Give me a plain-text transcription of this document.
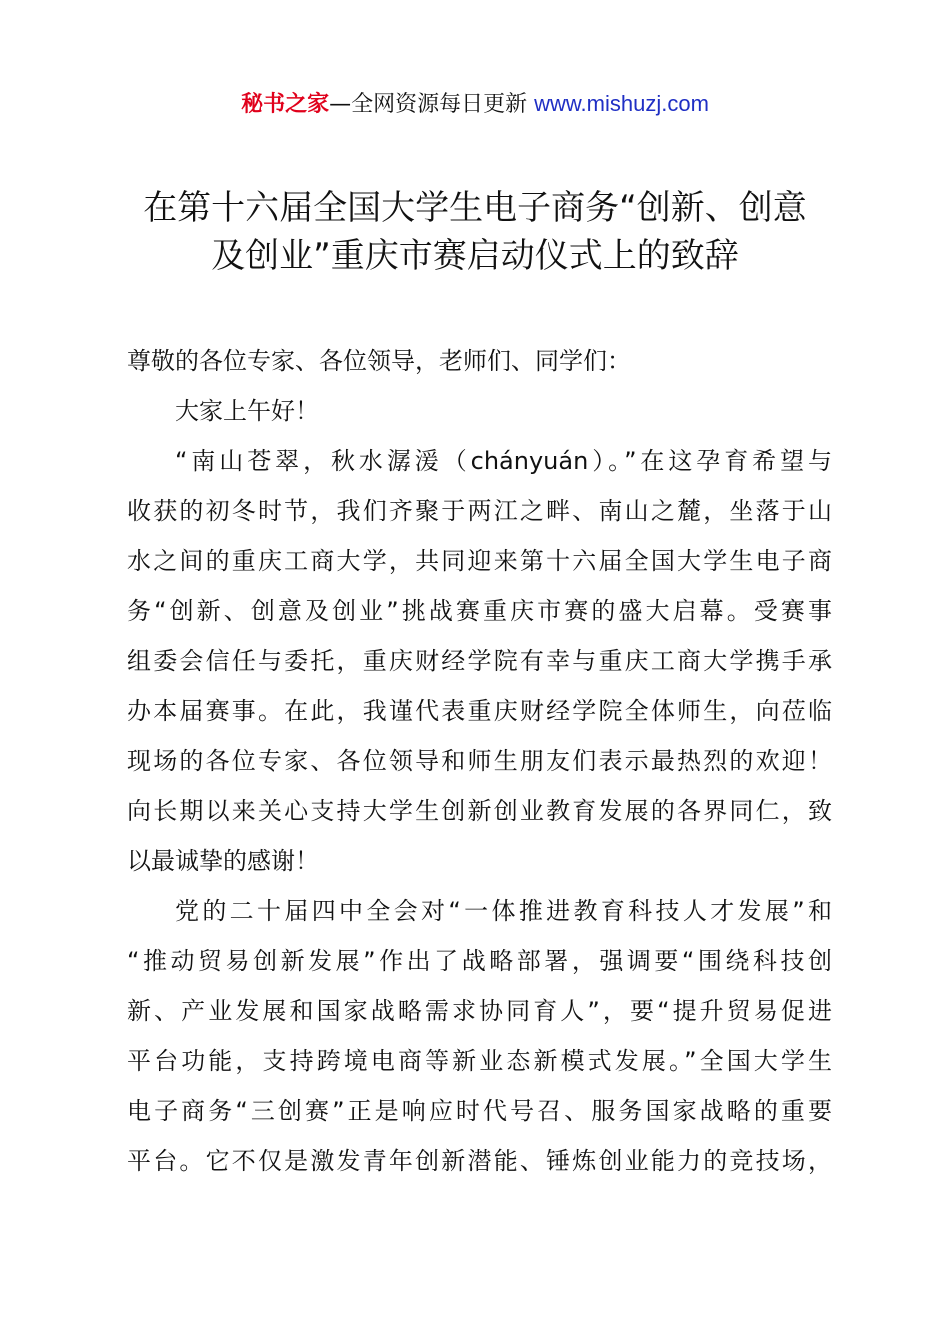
秘书之家—全网资源每日更新 www.mishuzj.com
在第十六届全国大学生电子商务“创新、创意
及创业”重庆市赛启动仪式上的致辞

尊敬的各位专家、各位领导，老师们、同学们：

大家上午好！

“南山苍翠，秋水潺湲（chányuán）。”在这孕育希望与
收获的初冬时节，我们齐聚于两江之畔、南山之麓，坐落于山
水之间的重庆工商大学，共同迎来第十六届全国大学生电子商
务“创新、创意及创业”挑战赛重庆市赛的盛大启幕。受赛事
组委会信任与委托，重庆财经学院有幸与重庆工商大学携手承
办本届赛事。在此，我谨代表重庆财经学院全体师生，向莅临
现场的各位专家、各位领导和师生朋友们表示最热烈的欢迎！
向长期以来关心支持大学生创新创业教育发展的各界同仁，致
以最诚挚的感谢！

党的二十届四中全会对“一体推进教育科技人才发展”和
“推动贸易创新发展”作出了战略部署，强调要“围绕科技创
新、产业发展和国家战略需求协同育人”，要“提升贸易促进
平台功能，支持跨境电商等新业态新模式发展。”全国大学生
电子商务“三创赛”正是响应时代号召、服务国家战略的重要
平台。它不仅是激发青年创新潜能、锤炼创业能力的竞技场，
